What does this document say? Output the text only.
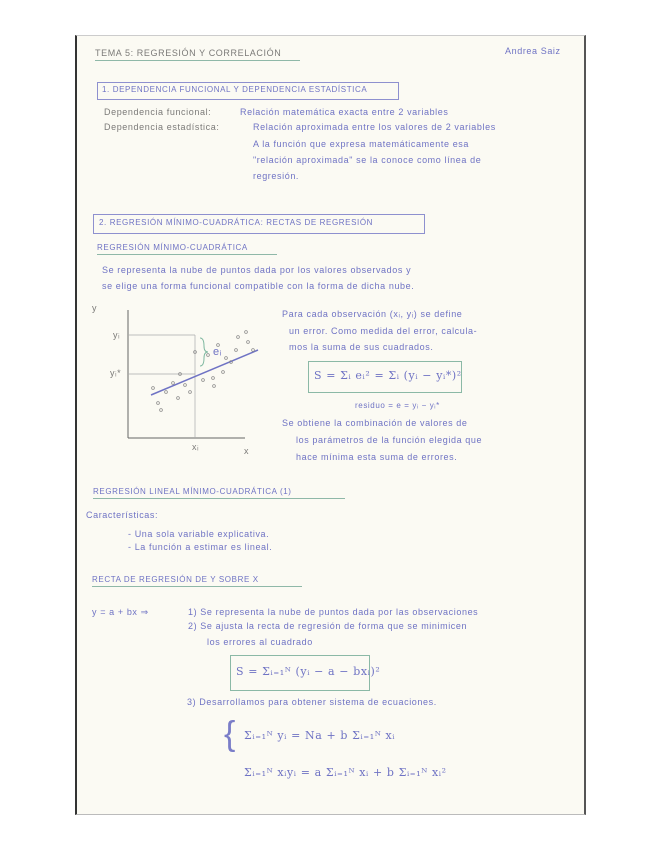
TEMA 5: REGRESIÓN Y CORRELACIÓN	Andrea Saiz
1. DEPENDENCIA FUNCIONAL Y DEPENDENCIA ESTADÍSTICA
Dependencia funcional:	Relación matemática exacta entre 2 variables
Dependencia estadística:	Relación aproximada entre los valores de 2 variables
A la función que expresa matemáticamente esa
"relación aproximada" se la conoce como línea de
regresión.
2. REGRESIÓN MÍNIMO-CUADRÁTICA: RECTAS DE REGRESIÓN
REGRESIÓN MÍNIMO-CUADRÁTICA
Se representa la nube de puntos dada por los valores observados y
se elige una forma funcional compatible con la forma de dicha nube.
y
yᵢ
yᵢ*
eᵢ
xᵢ	x
Para cada observación (xᵢ, yᵢ) se define
un error. Como medida del error, calcula-
mos la suma de sus cuadrados.
S = Σᵢ eᵢ² = Σᵢ (yᵢ − yᵢ*)²
residuo = e = yᵢ − yᵢ*
Se obtiene la combinación de valores de
los parámetros de la función elegida que
hace mínima esta suma de errores.
REGRESIÓN LINEAL MÍNIMO-CUADRÁTICA (1)
Características:
- Una sola variable explicativa.
- La función a estimar es lineal.
RECTA DE REGRESIÓN DE Y SOBRE X
y = a + bx ⇒	1) Se representa la nube de puntos dada por las observaciones
2) Se ajusta la recta de regresión de forma que se minimicen
los errores al cuadrado
S = Σᵢ₌₁ᴺ (yᵢ − a − bxᵢ)²
3) Desarrollamos para obtener sistema de ecuaciones.
{ Σᵢ₌₁ᴺ yᵢ = Na + b Σᵢ₌₁ᴺ xᵢ
Σᵢ₌₁ᴺ xᵢyᵢ = a Σᵢ₌₁ᴺ xᵢ + b Σᵢ₌₁ᴺ xᵢ²
